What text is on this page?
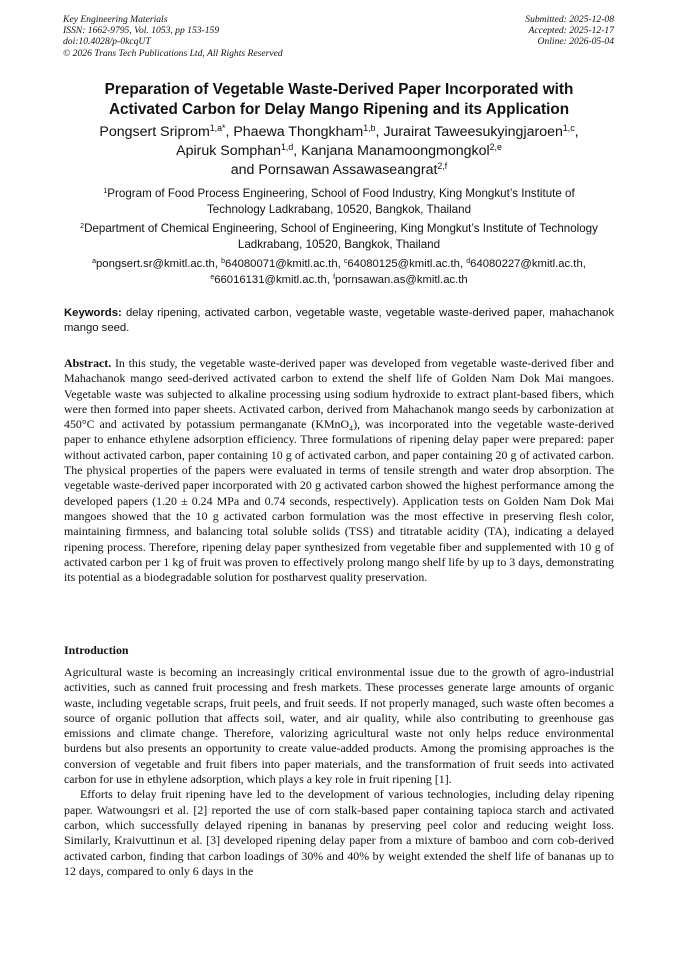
Key Engineering Materials
ISSN: 1662-9795, Vol. 1053, pp 153-159
doi:10.4028/p-0kcqUT
© 2026 Trans Tech Publications Ltd, All Rights Reserved
Submitted: 2025-12-08
Accepted: 2025-12-17
Online: 2026-05-04
Preparation of Vegetable Waste-Derived Paper Incorporated with
Activated Carbon for Delay Mango Ripening and its Application
Pongsert Sriprom$^{1,a*}$, Phaewa Thongkham$^{1,b}$, Jurairat Taweesukyingjaroen$^{1,c}$,
Apiruk Somphan$^{1,d}$, Kanjana Manamoongmongkol$^{2,e}$
and Pornsawan Assawaseangrat$^{2,f}$
$^1$Program of Food Process Engineering, School of Food Industry, King Mongkut’s Institute of Technology Ladkrabang, 10520, Bangkok, Thailand
$^2$Department of Chemical Engineering, School of Engineering, King Mongkut’s Institute of Technology Ladkrabang, 10520, Bangkok, Thailand
$^a$pongsert.sr@kmitl.ac.th, $^b$64080071@kmitl.ac.th, $^c$64080125@kmitl.ac.th, $^d$64080227@kmitl.ac.th,
$^e$66016131@kmitl.ac.th, $^f$pornsawan.as@kmitl.ac.th
Keywords: delay ripening, activated carbon, vegetable waste, vegetable waste-derived paper, mahachanok mango seed.

Abstract. In this study, the vegetable waste-derived paper was developed from vegetable waste-derived fiber and Mahachanok mango seed-derived activated carbon to extend the shelf life of Golden Nam Dok Mai mangoes. Vegetable waste was subjected to alkaline processing using sodium hydroxide to extract plant-based fibers, which were then formed into paper sheets. Activated carbon, derived from Mahachanok mango seeds by carbonization at 450°C and activated by potassium permanganate (KMnO₄), was incorporated into the vegetable waste-derived paper to enhance ethylene adsorption efficiency. Three formulations of ripening delay paper were prepared: paper without activated carbon, paper containing 10 g of activated carbon, and paper containing 20 g of activated carbon. The physical properties of the papers were evaluated in terms of tensile strength and water drop absorption. The vegetable waste-derived paper incorporated with 20 g activated carbon showed the highest performance among the developed papers (1.20 ± 0.24 MPa and 0.74 seconds, respectively). Application tests on Golden Nam Dok Mai mangoes showed that the 10 g activated carbon formulation was the most effective in preserving flesh color, maintaining firmness, and balancing total soluble solids (TSS) and titratable acidity (TA), indicating a delayed ripening process. Therefore, ripening delay paper synthesized from vegetable fiber and supplemented with 10 g of activated carbon per 1 kg of fruit was proven to effectively prolong mango shelf life by up to 3 days, demonstrating its potential as a biodegradable solution for postharvest quality preservation.

Introduction

Agricultural waste is becoming an increasingly critical environmental issue due to the growth of agro-industrial activities, such as canned fruit processing and fresh markets. These processes generate large amounts of organic waste, including vegetable scraps, fruit peels, and fruit seeds. If not properly managed, such waste often becomes a source of organic pollution that affects soil, water, and air quality, while also contributing to greenhouse gas emissions and climate change. Therefore, valorizing agricultural waste not only helps reduce environmental burdens but also presents an opportunity to create value-added products. Among the promising approaches is the conversion of vegetable and fruit fibers into paper materials, and the transformation of fruit seeds into activated carbon for use in ethylene adsorption, which plays a key role in fruit ripening [1].

Efforts to delay fruit ripening have led to the development of various technologies, including delay ripening paper. Watwoungsri et al. [2] reported the use of corn stalk-based paper containing tapioca starch and activated carbon, which successfully delayed ripening in bananas by preserving peel color and reducing weight loss. Similarly, Kraivuttinun et al. [3] developed ripening delay paper from a mixture of bamboo and corn cob-derived activated carbon, finding that carbon loadings of 30% and 40% by weight extended the shelf life of bananas up to 12 days, compared to only 6 days in the
